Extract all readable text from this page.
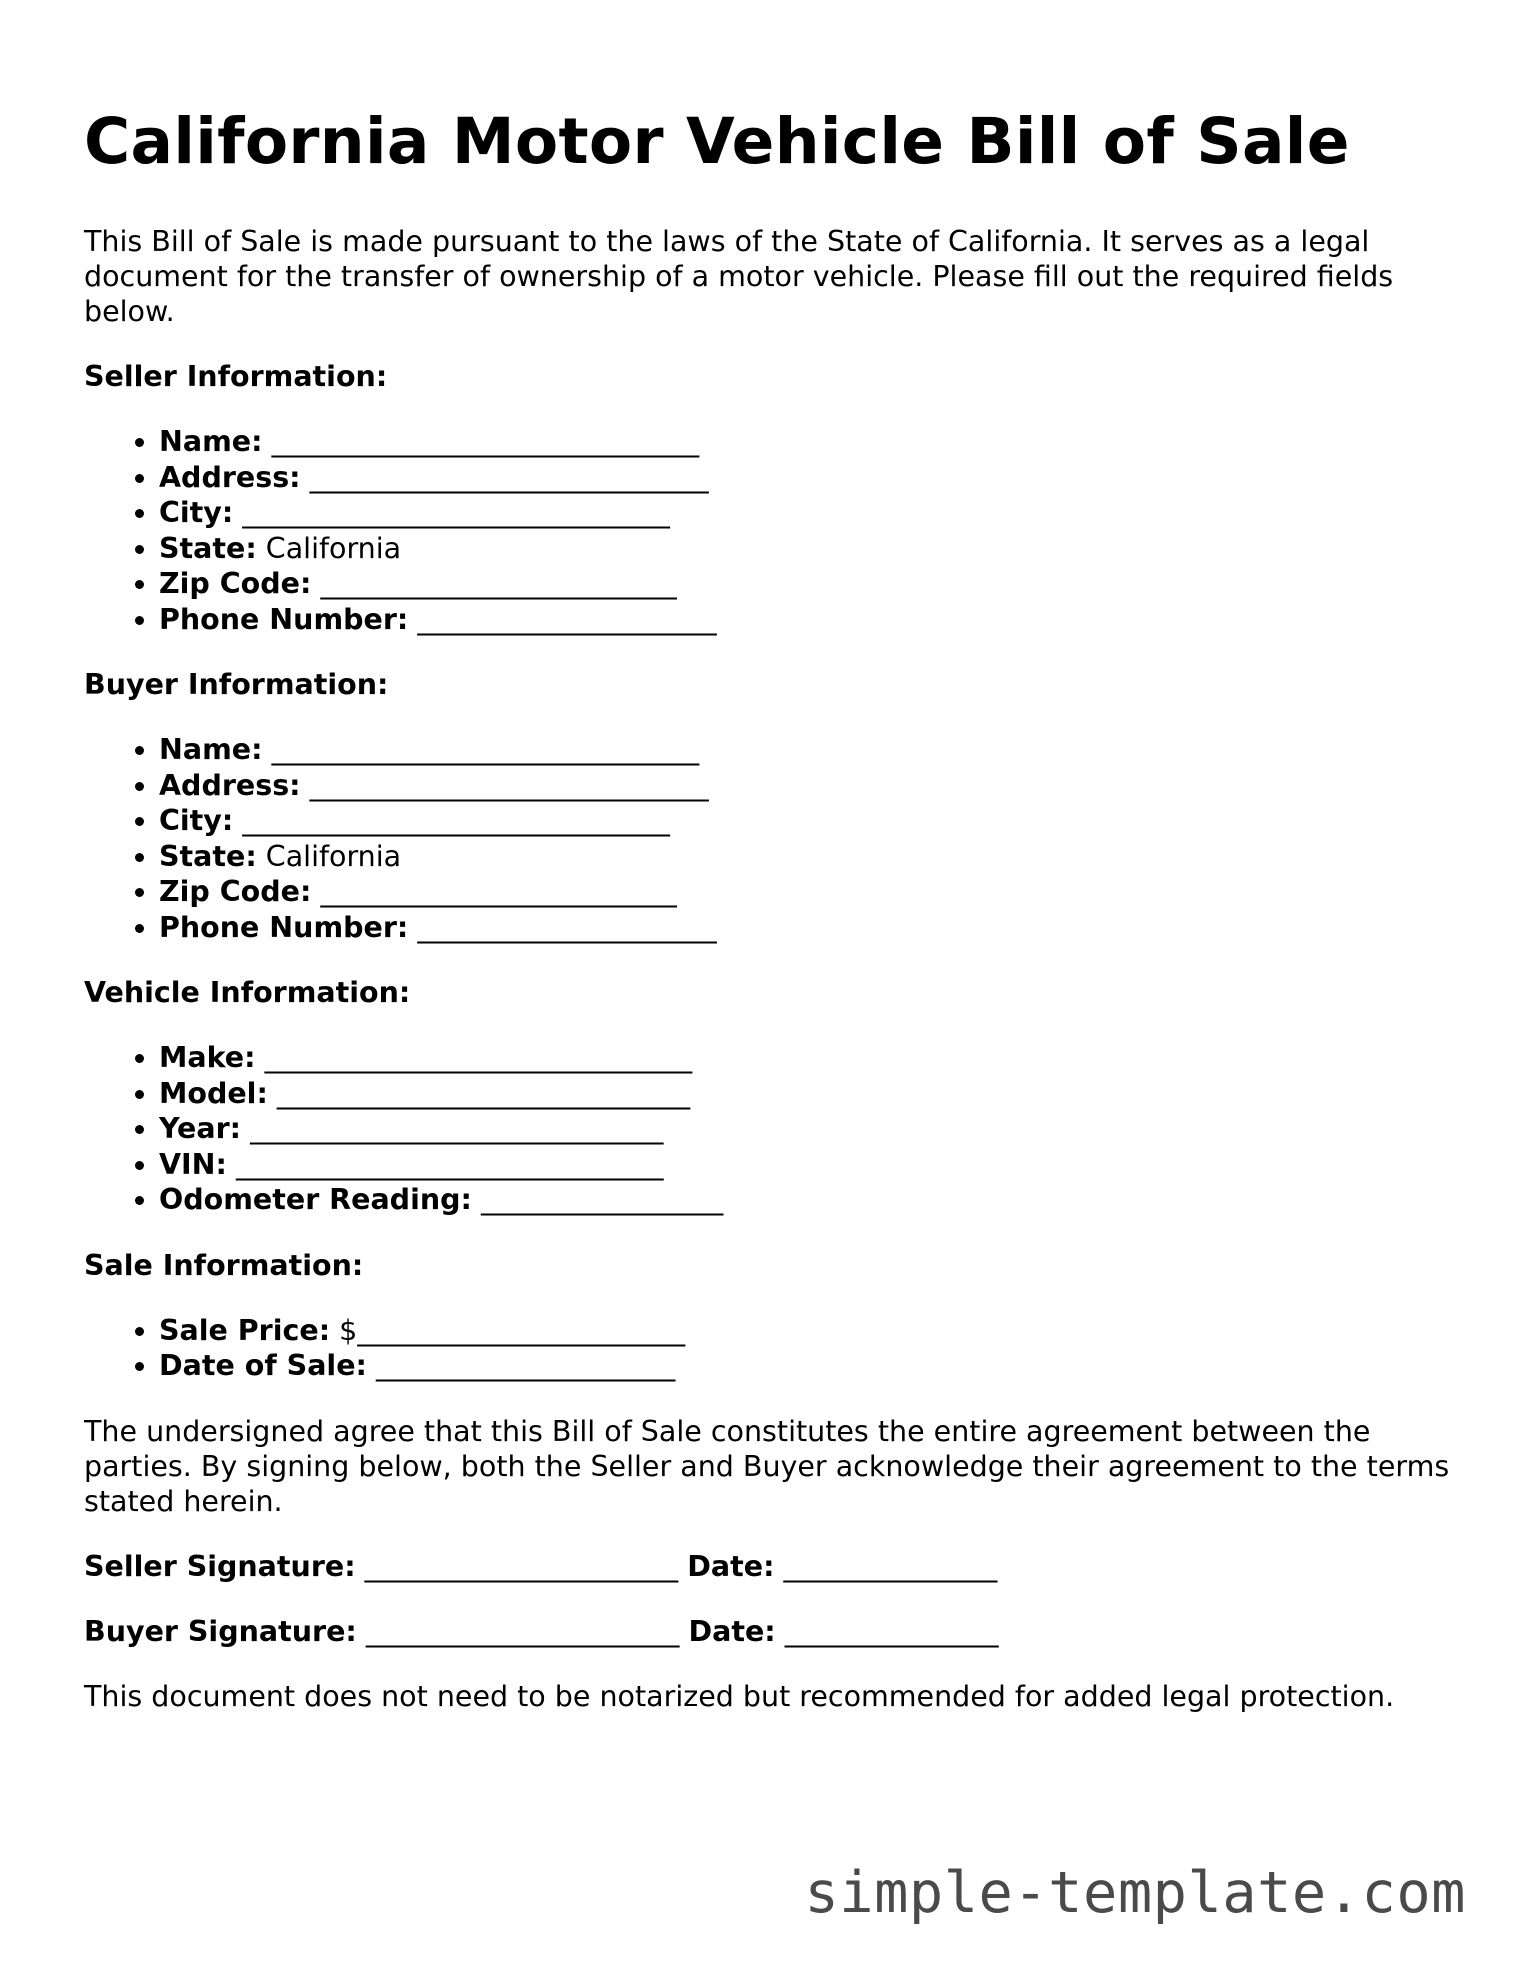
California Motor Vehicle Bill of Sale

This Bill of Sale is made pursuant to the laws of the State of California. It serves as a legal document for the transfer of ownership of a motor vehicle. Please fill out the required fields below.

Seller Information:
• Name: ______________________________
• Address: ____________________________
• City: ______________________________
• State: California
• Zip Code: _________________________
• Phone Number: _____________________
Buyer Information:
• Name: ______________________________
• Address: ____________________________
• City: ______________________________
• State: California
• Zip Code: _________________________
• Phone Number: _____________________
Vehicle Information:
• Make: ______________________________
• Model: _____________________________
• Year: _____________________________
• VIN: ______________________________
• Odometer Reading: _________________
Sale Information:
• Sale Price: $_______________________
• Date of Sale: _____________________

The undersigned agree that this Bill of Sale constitutes the entire agreement between the parties. By signing below, both the Seller and Buyer acknowledge their agreement to the terms stated herein.

Seller Signature: ______________________ Date: _______________
Buyer Signature: ______________________ Date: _______________

This document does not need to be notarized but recommended for added legal protection.

simple-template.com
